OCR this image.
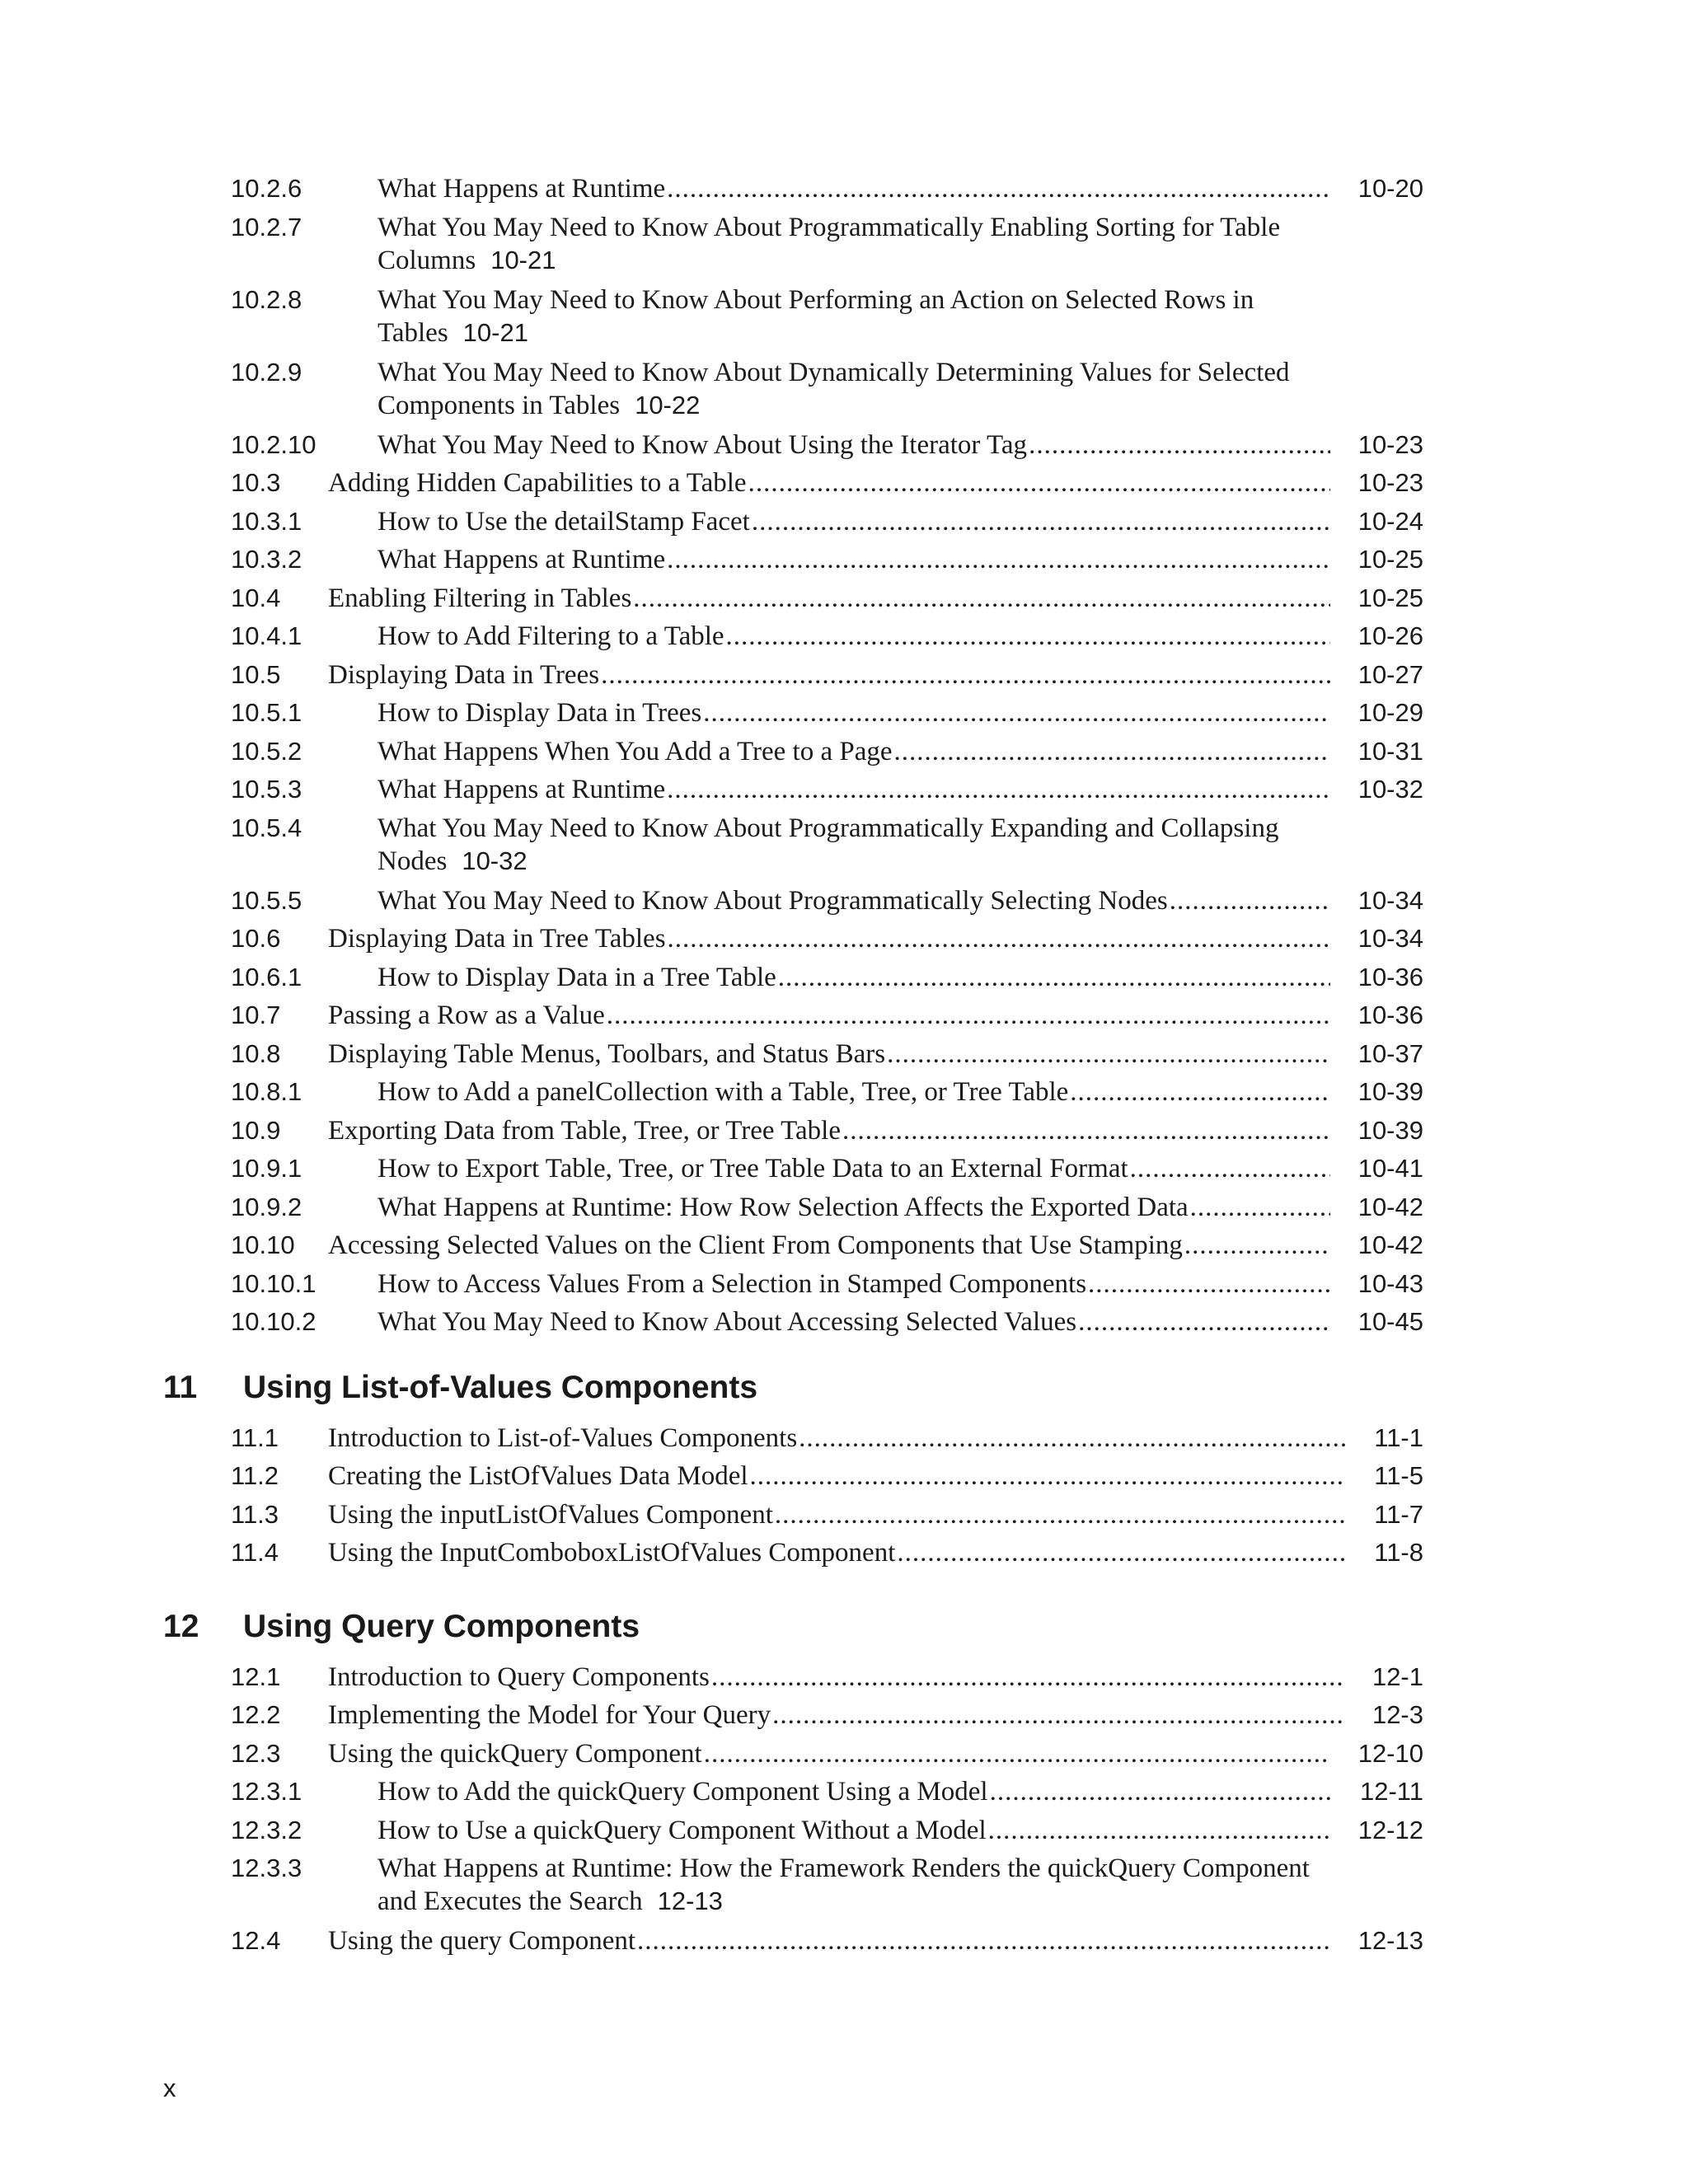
10.2.6	What Happens at Runtime .....	10-20
10.2.7	What You May Need to Know About Programmatically Enabling Sorting for Table
Columns 10-21
10.2.8	What You May Need to Know About Performing an Action on Selected Rows in
Tables 10-21
10.2.9	What You May Need to Know About Dynamically Determining Values for Selected
Components in Tables 10-22
10.2.10 What You May Need to Know About Using the Iterator Tag .....	10-23
10.3 Adding Hidden Capabilities to a Table .....	10-23
10.3.1	How to Use the detailStamp Facet .....	10-24
10.3.2	What Happens at Runtime .....	10-25
10.4 Enabling Filtering in Tables .....	10-25
10.4.1	How to Add Filtering to a Table .....	10-26
10.5 Displaying Data in Trees .....	10-27
10.5.1	How to Display Data in Trees .....	10-29
10.5.2	What Happens When You Add a Tree to a Page .....	10-31
10.5.3	What Happens at Runtime .....	10-32
10.5.4	What You May Need to Know About Programmatically Expanding and Collapsing
Nodes 10-32
10.5.5	What You May Need to Know About Programmatically Selecting Nodes .....	10-34
10.6 Displaying Data in Tree Tables .....	10-34
10.6.1	How to Display Data in a Tree Table .....	10-36
10.7 Passing a Row as a Value .....	10-36
10.8 Displaying Table Menus, Toolbars, and Status Bars .....	10-37
10.8.1	How to Add a panelCollection with a Table, Tree, or Tree Table .....	10-39
10.9 Exporting Data from Table, Tree, or Tree Table .....	10-39
10.9.1	How to Export Table, Tree, or Tree Table Data to an External Format .....	10-41
10.9.2	What Happens at Runtime: How Row Selection Affects the Exported Data .....	10-42
10.10 Accessing Selected Values on the Client From Components that Use Stamping .....	10-42
10.10.1 How to Access Values From a Selection in Stamped Components .....	10-43
10.10.2 What You May Need to Know About Accessing Selected Values .....	10-45
11 Using List-of-Values Components
11.1 Introduction to List-of-Values Components .....	11-1
11.2 Creating the ListOfValues Data Model .....	11-5
11.3 Using the inputListOfValues Component .....	11-7
11.4 Using the InputComboboxListOfValues Component .....	11-8
12 Using Query Components
12.1 Introduction to Query Components .....	12-1
12.2 Implementing the Model for Your Query .....	12-3
12.3 Using the quickQuery Component .....	12-10
12.3.1	How to Add the quickQuery Component Using a Model .....	12-11
12.3.2	How to Use a quickQuery Component Without a Model .....	12-12
12.3.3	What Happens at Runtime: How the Framework Renders the quickQuery Component
and Executes the Search 12-13
12.4 Using the query Component .....	12-13
x
